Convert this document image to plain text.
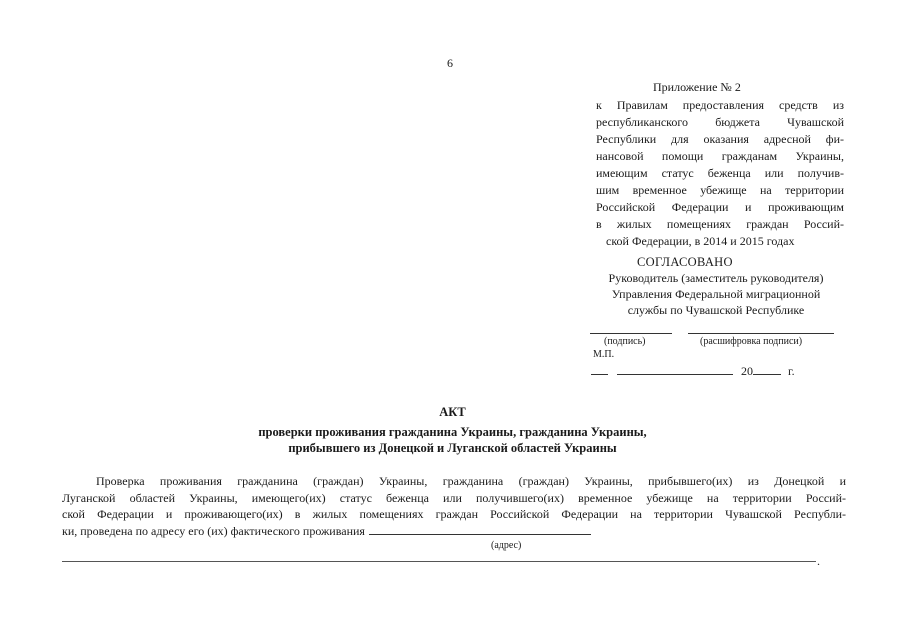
6
Приложение № 2
к Правилам предоставления средств из
республиканского бюджета Чувашской
Республики для оказания адресной фи-
нансовой помощи гражданам Украины,
имеющим статус беженца или получив-
шим временное убежище на территории
Российской Федерации и проживающим
в жилых помещениях граждан Россий-
ской Федерации, в 2014 и 2015 годах
СОГЛАСОВАНО
Руководитель (заместитель руководителя)
Управления Федеральной миграционной
службы по Чувашской Республике
(подпись)	(расшифровка подписи)
М.П.
20	г.
АКТ
проверки проживания гражданина Украины, гражданина Украины,
прибывшего из Донецкой и Луганской областей Украины
Проверка проживания гражданина (граждан) Украины, гражданина (граждан) Украины, прибывшего(их) из Донецкой и
Луганской областей Украины, имеющего(их) статус беженца или получившего(их) временное убежище на территории Россий-
ской Федерации и проживающего(их) в жилых помещениях граждан Российской Федерации на территории Чувашской Республи-
ки, проведена по адресу его (их) фактического проживания
(адрес)
.
